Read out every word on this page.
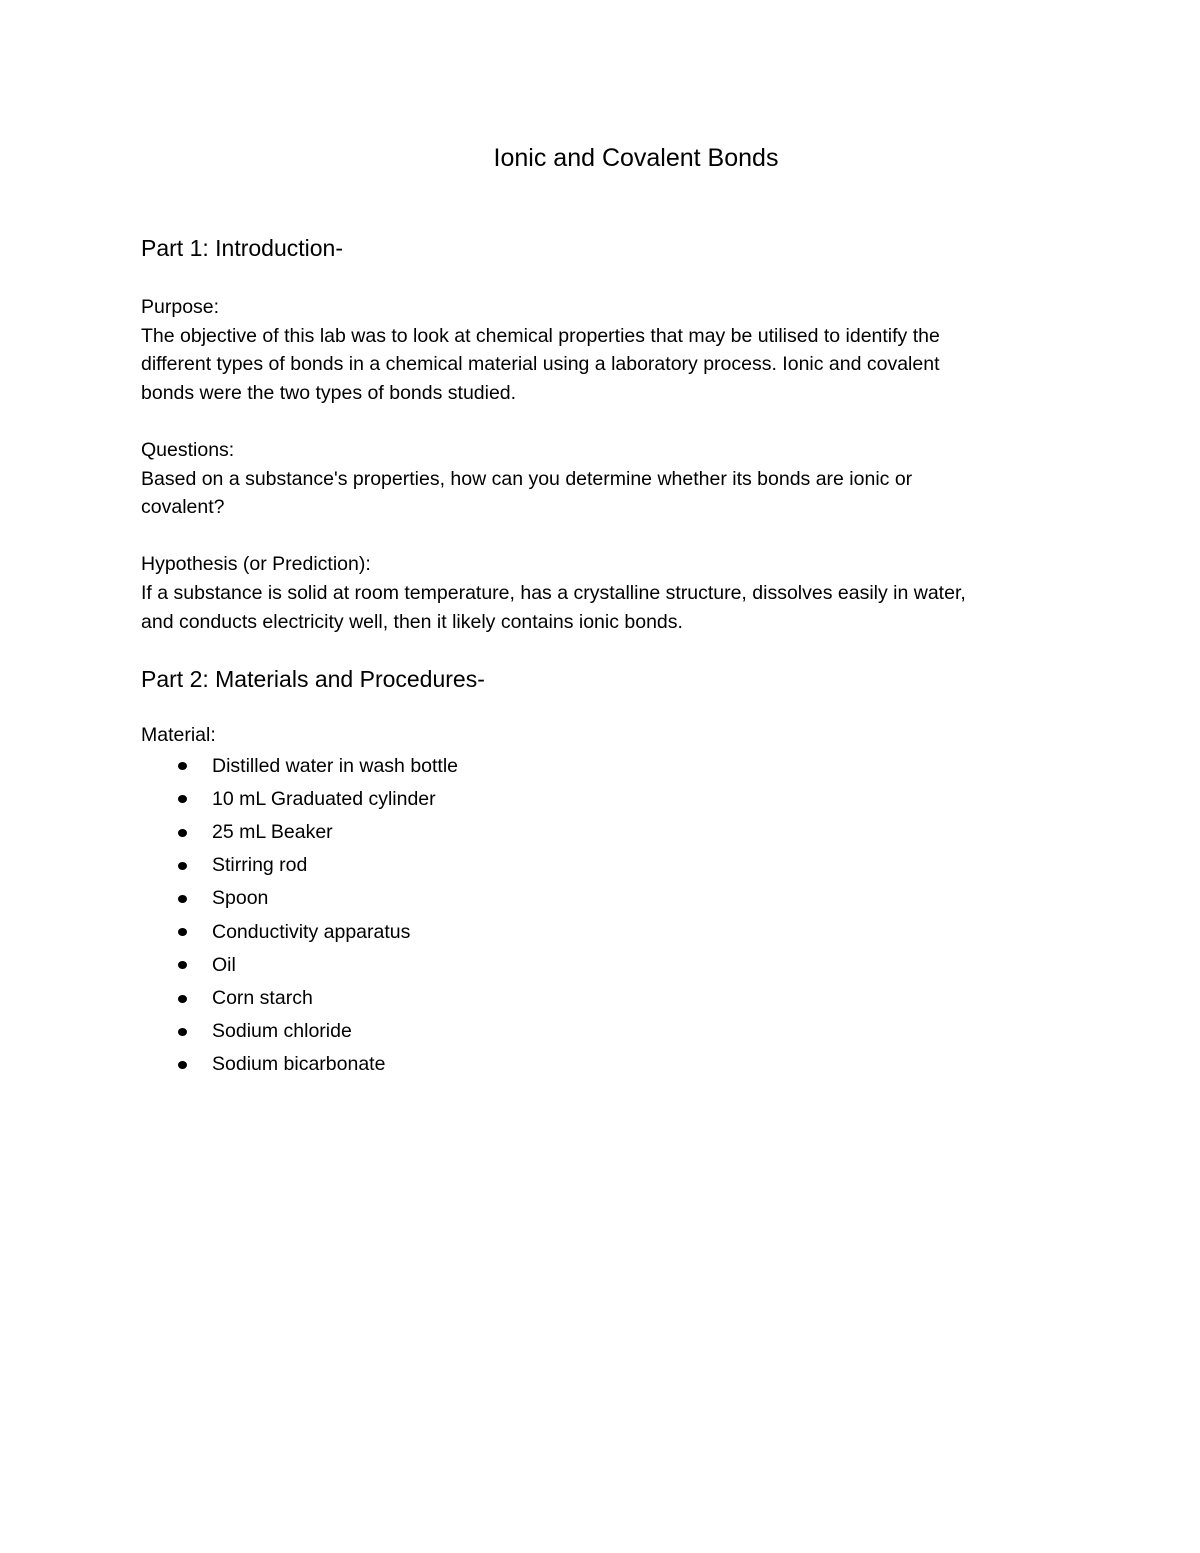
Ionic and Covalent Bonds
Part 1: Introduction-

Purpose:

The objective of this lab was to look at chemical properties that may be utilised to identify the

different types of bonds in a chemical material using a laboratory process. Ionic and covalent

bonds were the two types of bonds studied.

Questions:

Based on a substance's properties, how can you determine whether its bonds are ionic or

covalent?

Hypothesis (or Prediction):

If a substance is solid at room temperature, has a crystalline structure, dissolves easily in water,

and conducts electricity well, then it likely contains ionic bonds.

Part 2: Materials and Procedures-

Material:

Distilled water in wash bottle
10 mL Graduated cylinder
25 mL Beaker
Stirring rod
Spoon
Conductivity apparatus
Oil
Corn starch
Sodium chloride
Sodium bicarbonate
